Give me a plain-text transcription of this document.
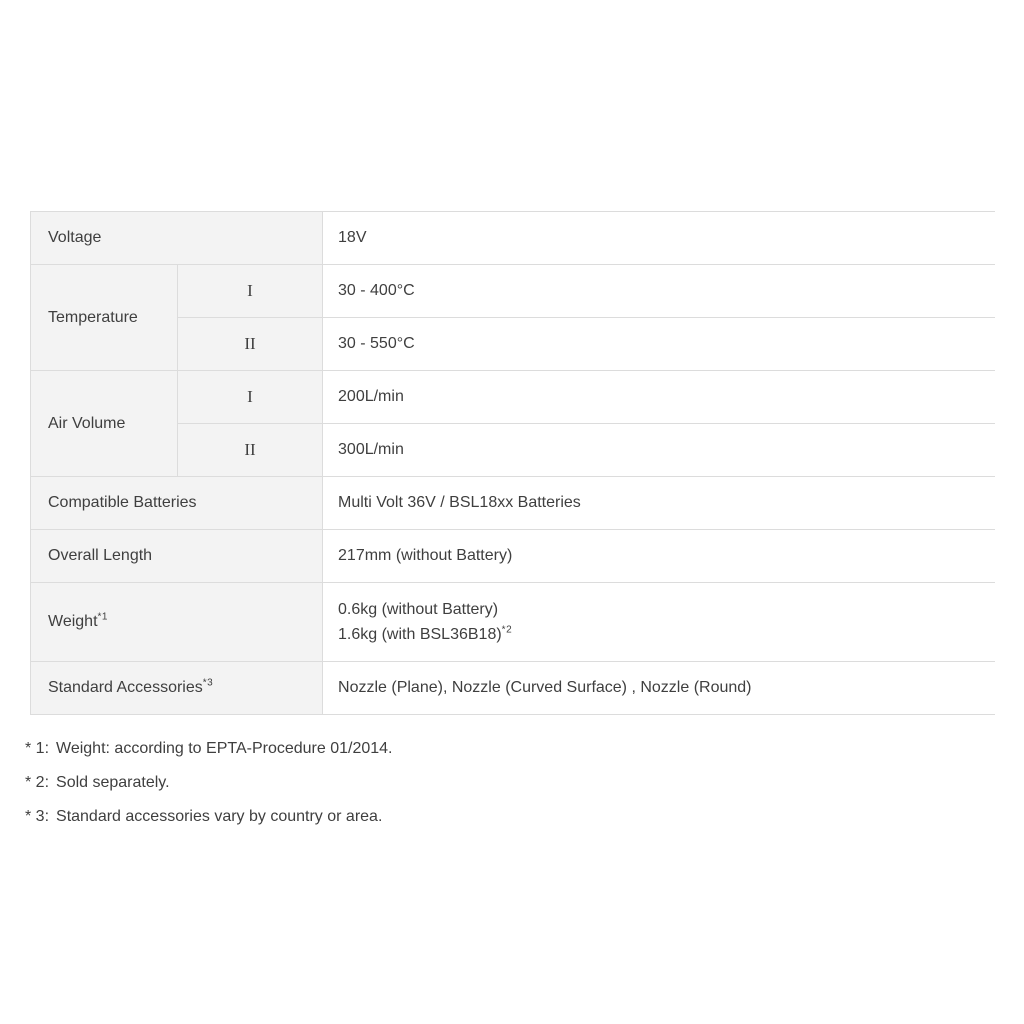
Voltage		18V
Temperature	I	30 - 400°C
	II	30 - 550°C
Air Volume	I	200L/min
	II	300L/min
Compatible Batteries		Multi Volt 36V / BSL18xx Batteries
Overall Length		217mm (without Battery)
Weight$^{*1}$		0.6kg (without Battery)
1.6kg (with BSL36B18)$^{*2}$

Standard Accessories$^{*3}$		Nozzle (Plane), Nozzle (Curved Surface) , Nozzle (Round)

* 1: Weight: according to EPTA-Procedure 01/2014.

* 2: Sold separately.

* 3: Standard accessories vary by country or area.
